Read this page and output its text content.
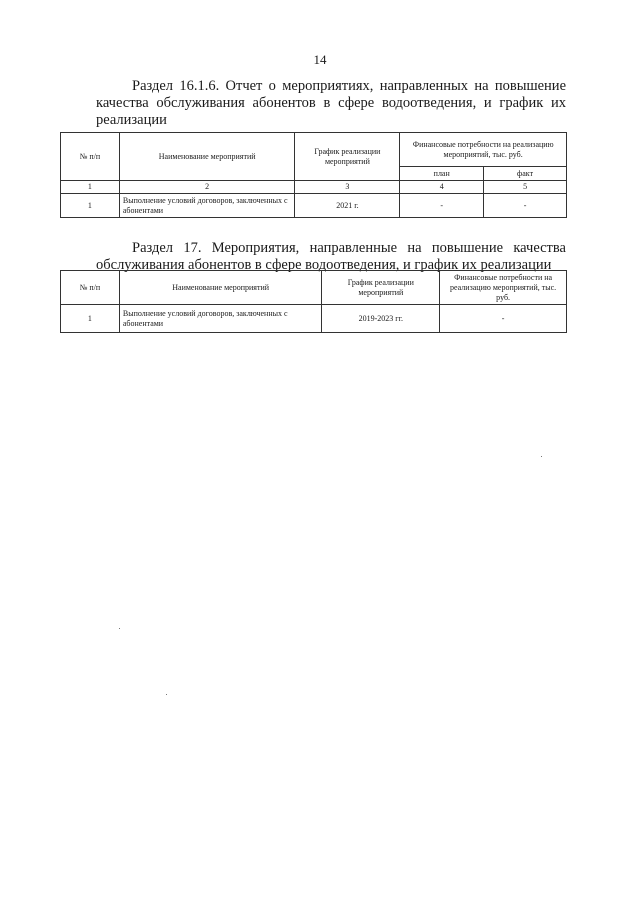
14
Раздел 16.1.6. Отчет о мероприятиях, направленных на повышение качества обслуживания абонентов в сфере водоотведения, и график их реализации
№ п/п	Наименование мероприятий	График реализации мероприятий	Финансовые потребности на реализацию мероприятий, тыс. руб.	
			план	факт
1	2	3	4	5
1	Выполнение условий договоров, заключенных с абонентами	2021 г.	-	-
Раздел 17. Мероприятия, направленные на повышение качества обслуживания абонентов в сфере водоотведения, и график их реализации
№ п/п	Наименование мероприятий	График реализации мероприятий	Финансовые потребности на реализацию мероприятий, тыс. руб.
1	Выполнение условий договоров, заключенных с абонентами	2019-2023 гг.	-
